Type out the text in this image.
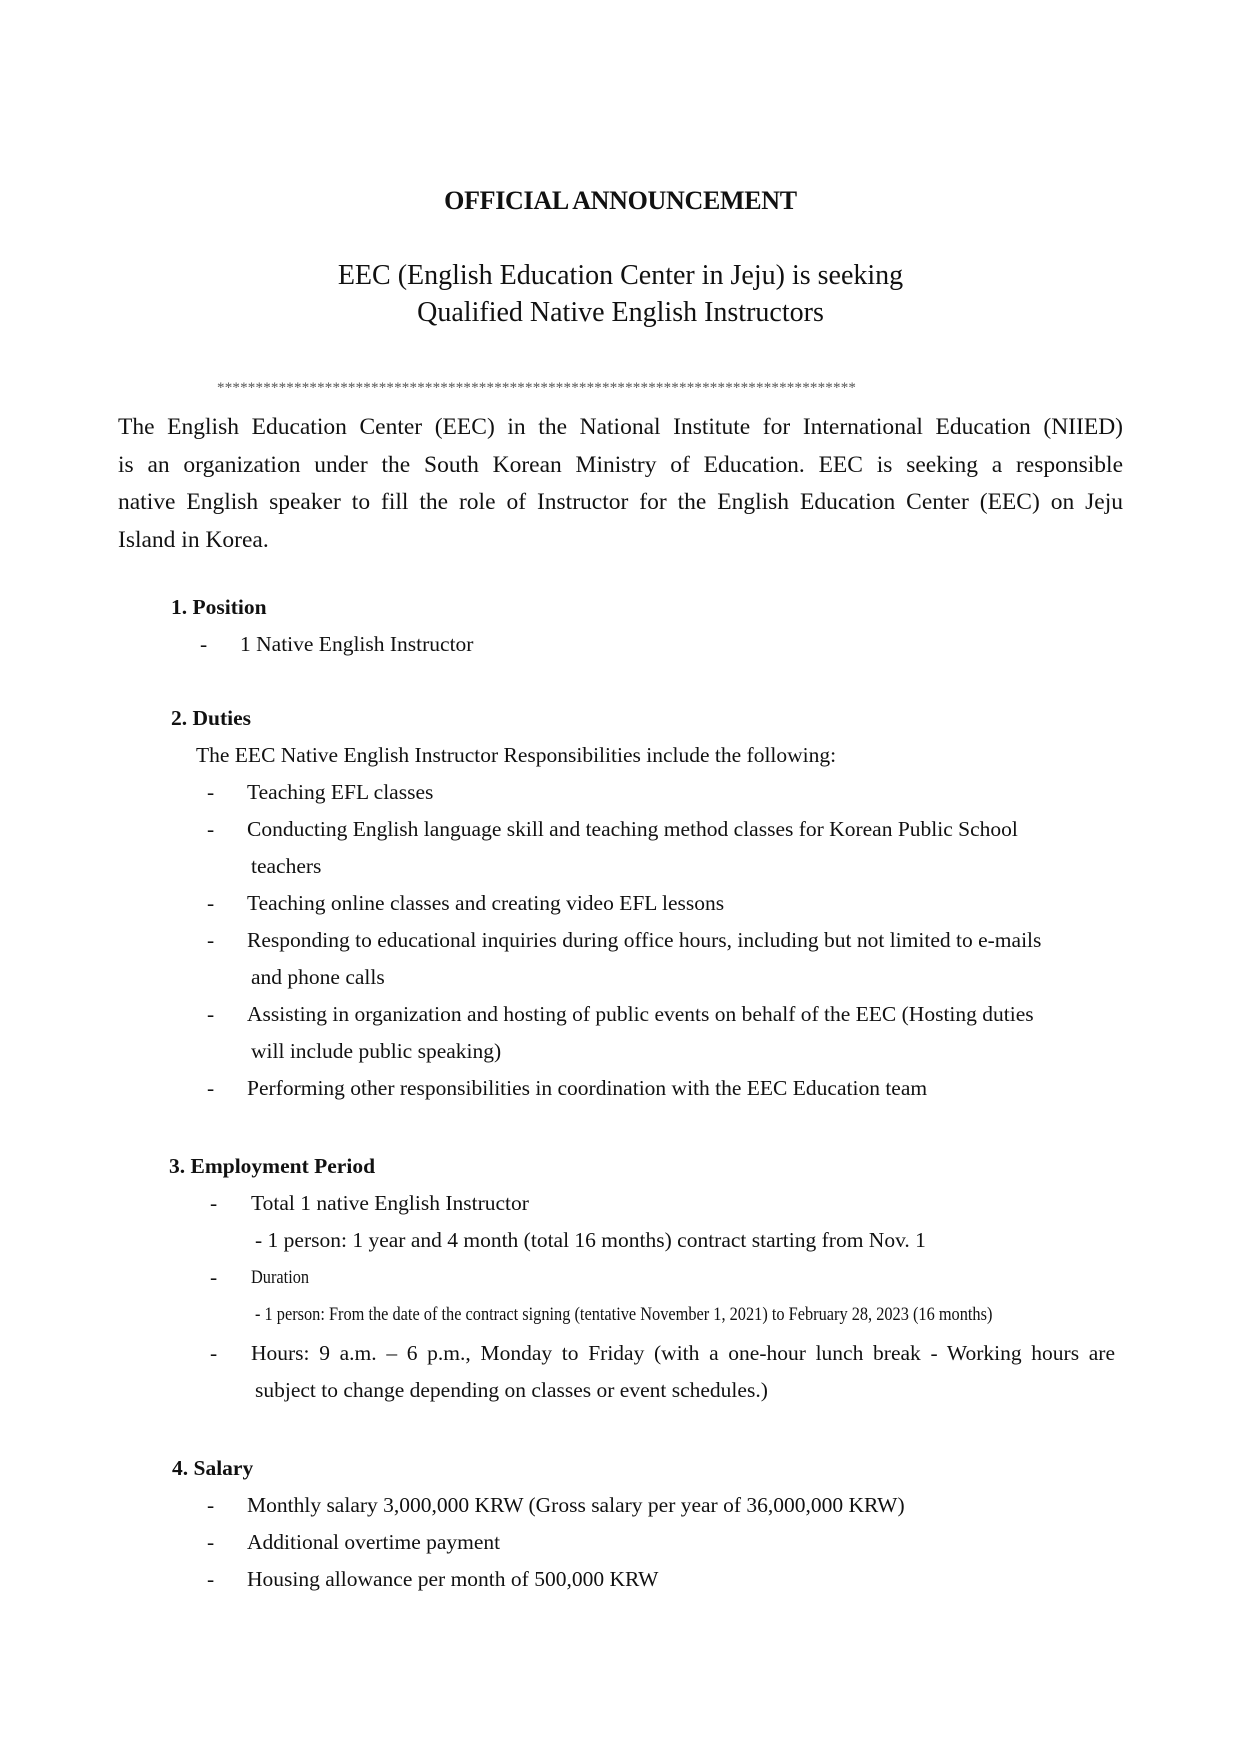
OFFICIAL ANNOUNCEMENT
EEC (English Education Center in Jeju) is seeking
Qualified Native English Instructors
***********************************************************************************
The English Education Center (EEC) in the National Institute for International Education (NIIED)
is an organization under the South Korean Ministry of Education. EEC is seeking a responsible
native English speaker to fill the role of Instructor for the English Education Center (EEC) on Jeju
Island in Korea.
1. Position
- 1 Native English Instructor
2. Duties
The EEC Native English Instructor Responsibilities include the following:
- Teaching EFL classes
- Conducting English language skill and teaching method classes for Korean Public School
teachers
- Teaching online classes and creating video EFL lessons
- Responding to educational inquiries during office hours, including but not limited to e-mails
and phone calls
- Assisting in organization and hosting of public events on behalf of the EEC (Hosting duties
will include public speaking)
- Performing other responsibilities in coordination with the EEC Education team
3. Employment Period
- Total 1 native English Instructor
- 1 person: 1 year and 4 month (total 16 months) contract starting from Nov. 1
- Duration
- 1 person: From the date of the contract signing (tentative November 1, 2021) to February 28, 2023 (16 months)
- Hours: 9 a.m. – 6 p.m., Monday to Friday (with a one-hour lunch break - Working hours are
subject to change depending on classes or event schedules.)
4. Salary
- Monthly salary 3,000,000 KRW (Gross salary per year of 36,000,000 KRW)
- Additional overtime payment
- Housing allowance per month of 500,000 KRW
